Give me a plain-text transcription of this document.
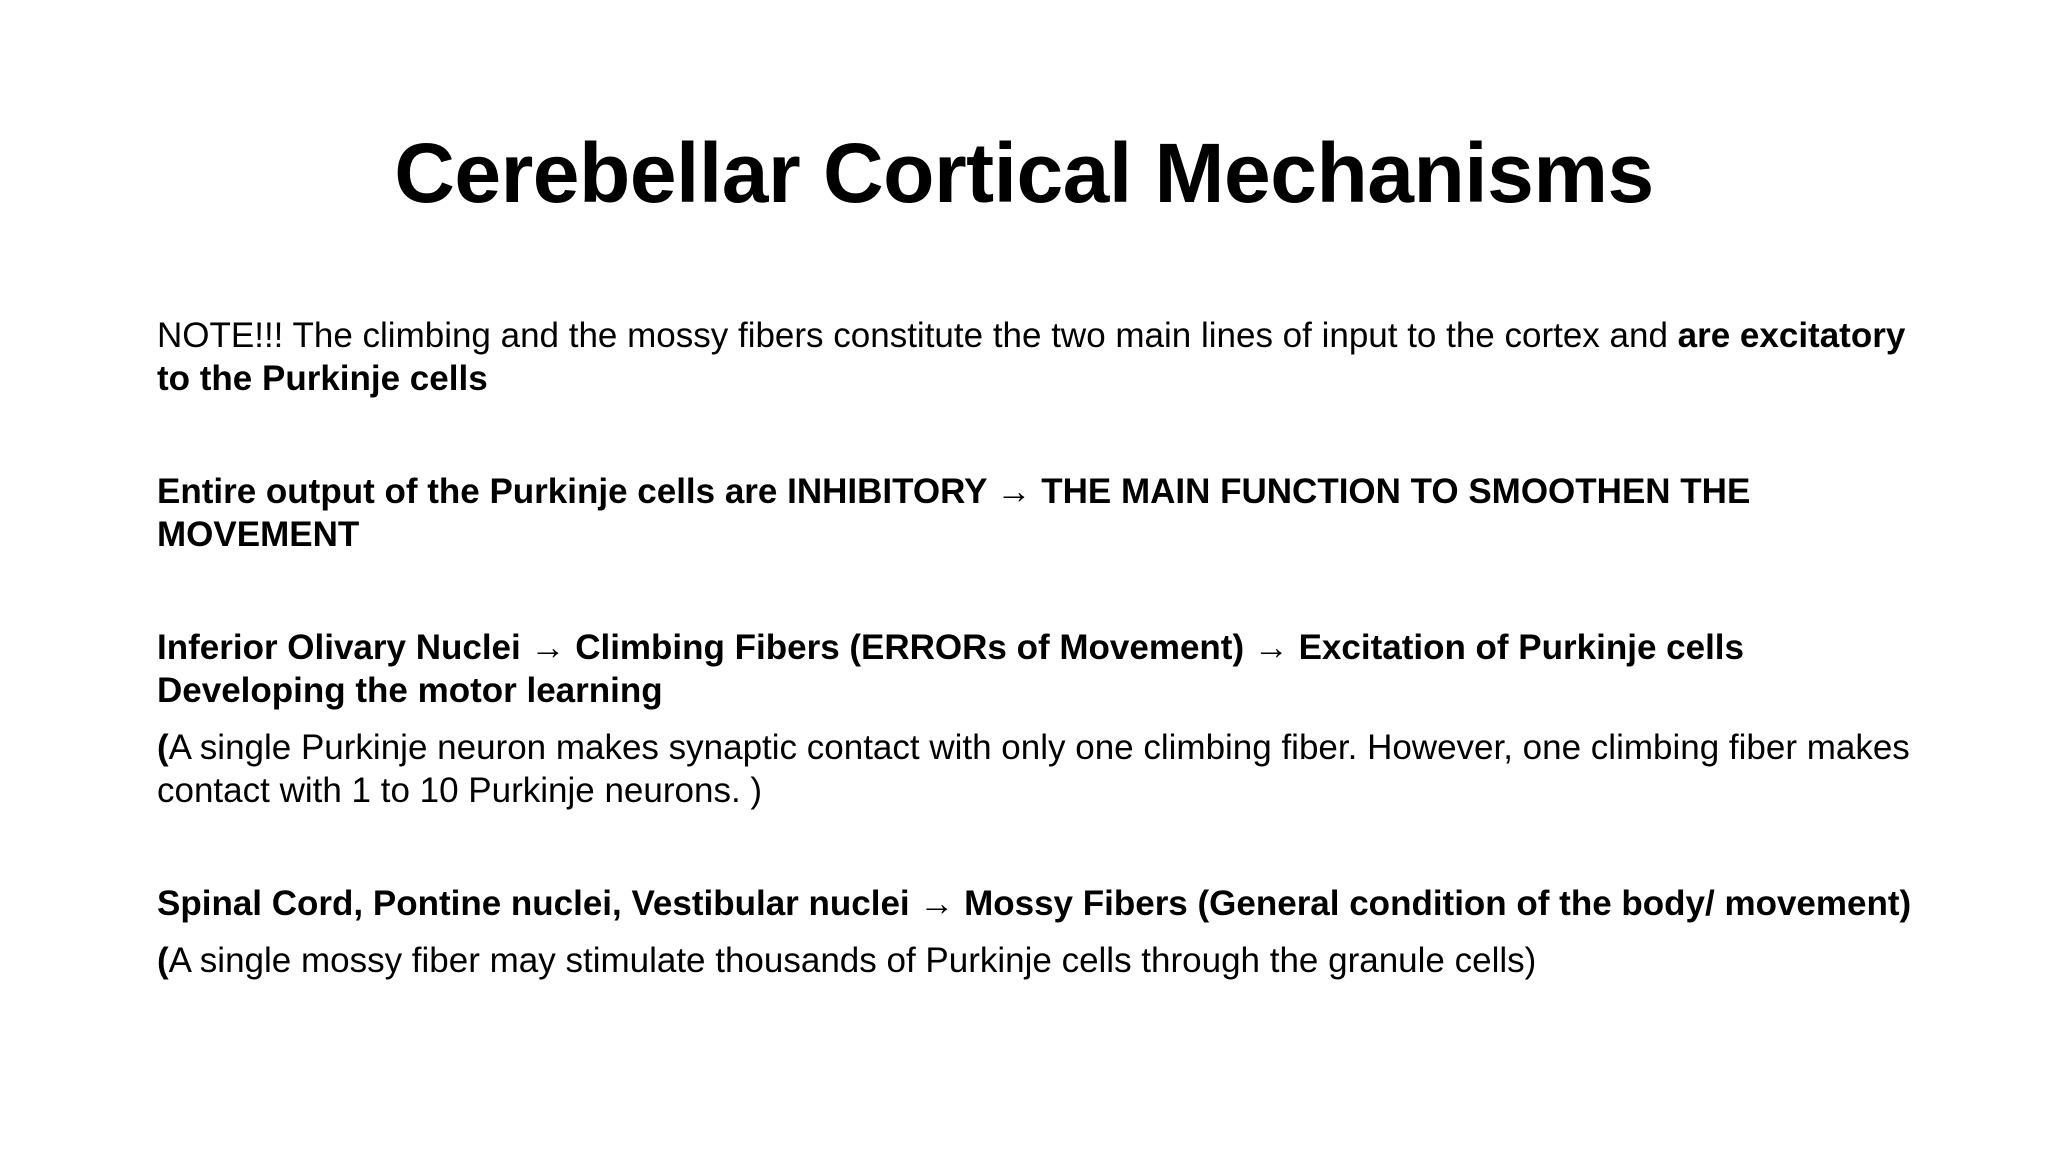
Cerebellar Cortical Mechanisms

NOTE!!! The climbing and the mossy fibers constitute the two main lines of input to the cortex and are excitatory to the Purkinje cells

Entire output of the Purkinje cells are INHIBITORY → THE MAIN FUNCTION TO SMOOTHEN THE MOVEMENT

Inferior Olivary Nuclei → Climbing Fibers (ERRORs of Movement) → Excitation of Purkinje cells Developing the motor learning

(A single Purkinje neuron makes synaptic contact with only one climbing fiber. However, one climbing fiber makes contact with 1 to 10 Purkinje neurons. )

Spinal Cord, Pontine nuclei, Vestibular nuclei → Mossy Fibers (General condition of the body/ movement)

(A single mossy fiber may stimulate thousands of Purkinje cells through the granule cells)
